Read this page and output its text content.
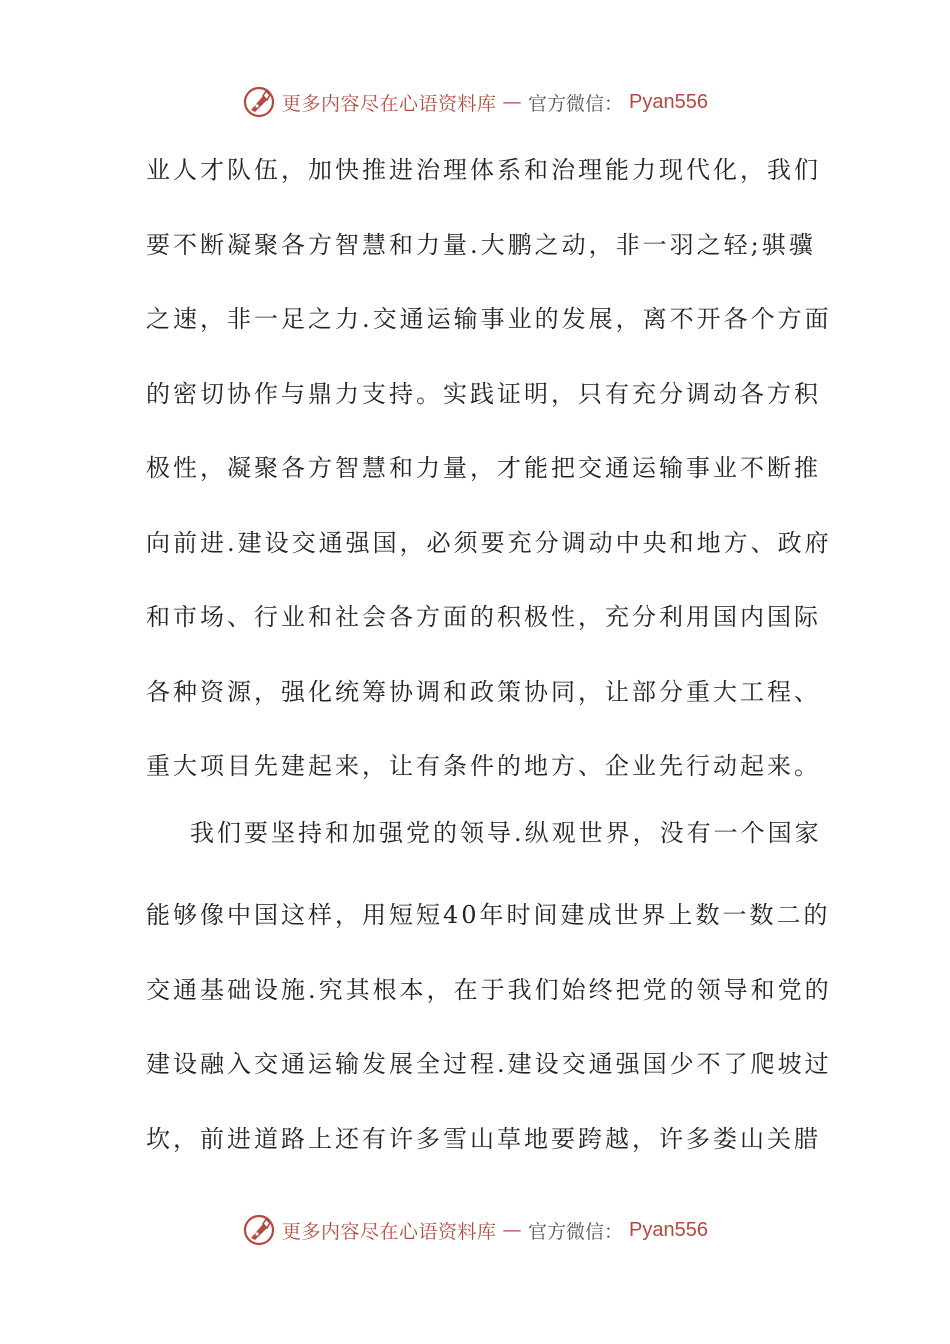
更多内容尽在心语资料库 — 官方微信： Pyan556
业人才队伍，加快推进治理体系和治理能力现代化，我们
要不断凝聚各方智慧和力量.大鹏之动，非一羽之轻;骐骥
之速，非一足之力.交通运输事业的发展，离不开各个方面
的密切协作与鼎力支持。实践证明，只有充分调动各方积
极性，凝聚各方智慧和力量，才能把交通运输事业不断推
向前进.建设交通强国，必须要充分调动中央和地方、政府
和市场、行业和社会各方面的积极性，充分利用国内国际
各种资源，强化统筹协调和政策协同，让部分重大工程、
重大项目先建起来，让有条件的地方、企业先行动起来。
我们要坚持和加强党的领导.纵观世界，没有一个国家
能够像中国这样，用短短40年时间建成世界上数一数二的
交通基础设施.究其根本，在于我们始终把党的领导和党的
建设融入交通运输发展全过程.建设交通强国少不了爬坡过
坎，前进道路上还有许多雪山草地要跨越，许多娄山关腊
更多内容尽在心语资料库 — 官方微信： Pyan556
